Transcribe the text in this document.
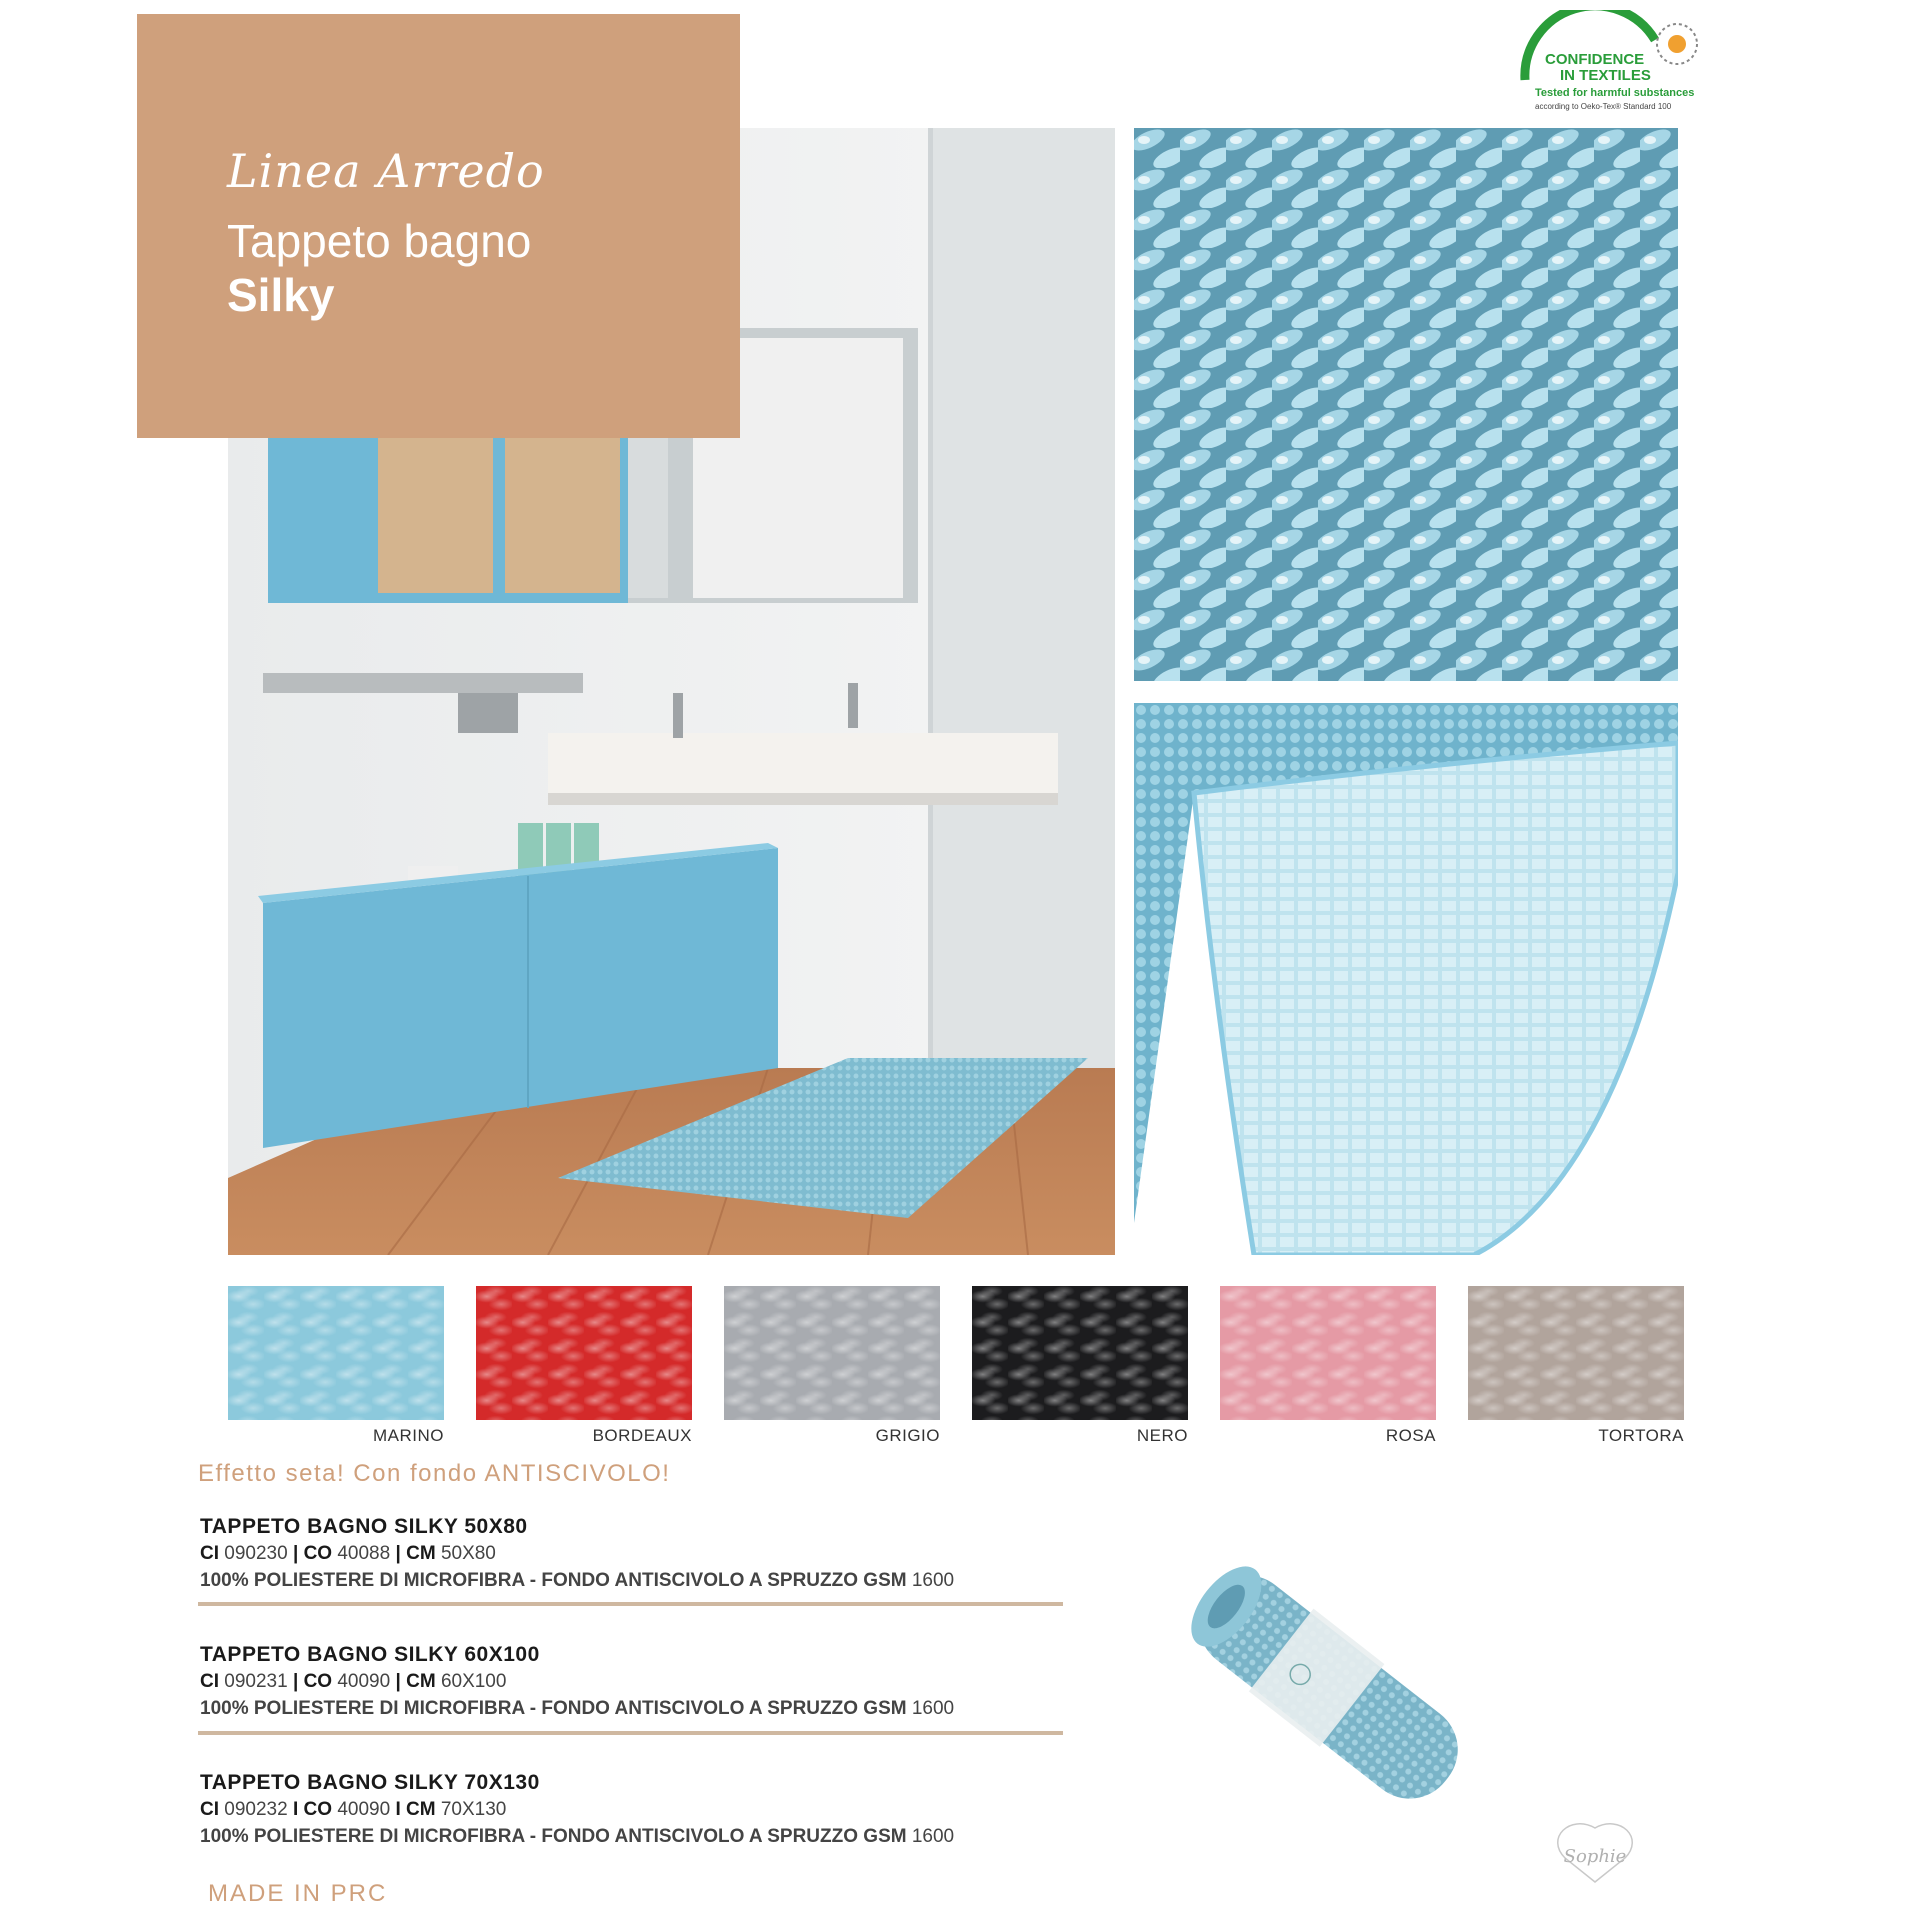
Linea Arredo
Tappeto bagno
Silky
CONFIDENCE
IN TEXTILES
Tested for harmful substances
according to Oeko-Tex® Standard 100
MARINO	BORDEAUX	GRIGIO	NERO	ROSA	TORTORA
Effetto seta! Con fondo ANTISCIVOLO!
TAPPETO BAGNO SILKY 50X80
CI 090230 | CO 40088 | CM 50X80
100% POLIESTERE DI MICROFIBRA - FONDO ANTISCIVOLO A SPRUZZO GSM 1600
TAPPETO BAGNO SILKY 60X100
CI 090231 | CO 40090 | CM 60X100
100% POLIESTERE DI MICROFIBRA - FONDO ANTISCIVOLO A SPRUZZO GSM 1600
TAPPETO BAGNO SILKY 70X130
CI 090232 I CO 40090 I CM 70X130
100% POLIESTERE DI MICROFIBRA - FONDO ANTISCIVOLO A SPRUZZO GSM 1600
MADE IN PRC
Sophie
